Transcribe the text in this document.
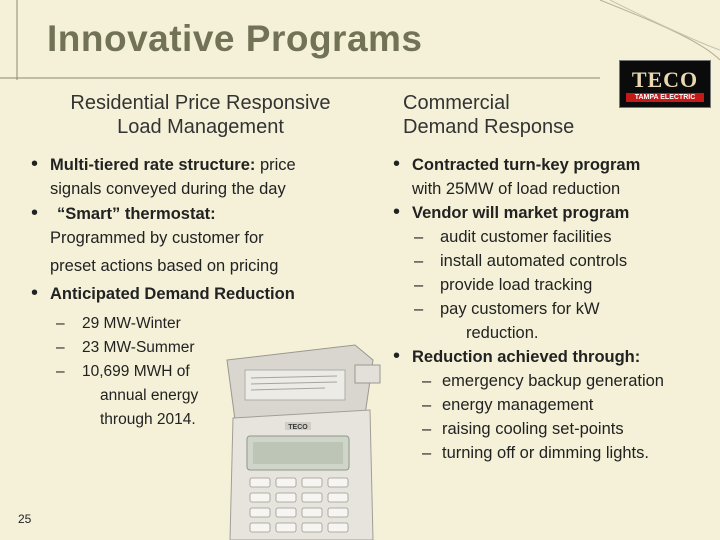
Innovative Programs
TECO
TAMPA ELECTRIC
Residential Price Responsive
Load Management
Commercial
Demand Response
• Multi-tiered rate structure: price
signals conveyed during the day
• “Smart” thermostat:
Programmed by customer for
preset actions based on pricing
• Anticipated Demand Reduction
– 29 MW-Winter
– 23 MW-Summer
– 10,699 MWH of
annual energy
through 2014.
• Contracted turn-key program
with 25MW of load reduction
• Vendor will market program
– audit customer facilities
– install automated controls
– provide load tracking
– pay customers for kW
reduction.
• Reduction achieved through:
– emergency backup generation
– energy management
– raising cooling set-points
– turning off or dimming lights.
TECO
25
